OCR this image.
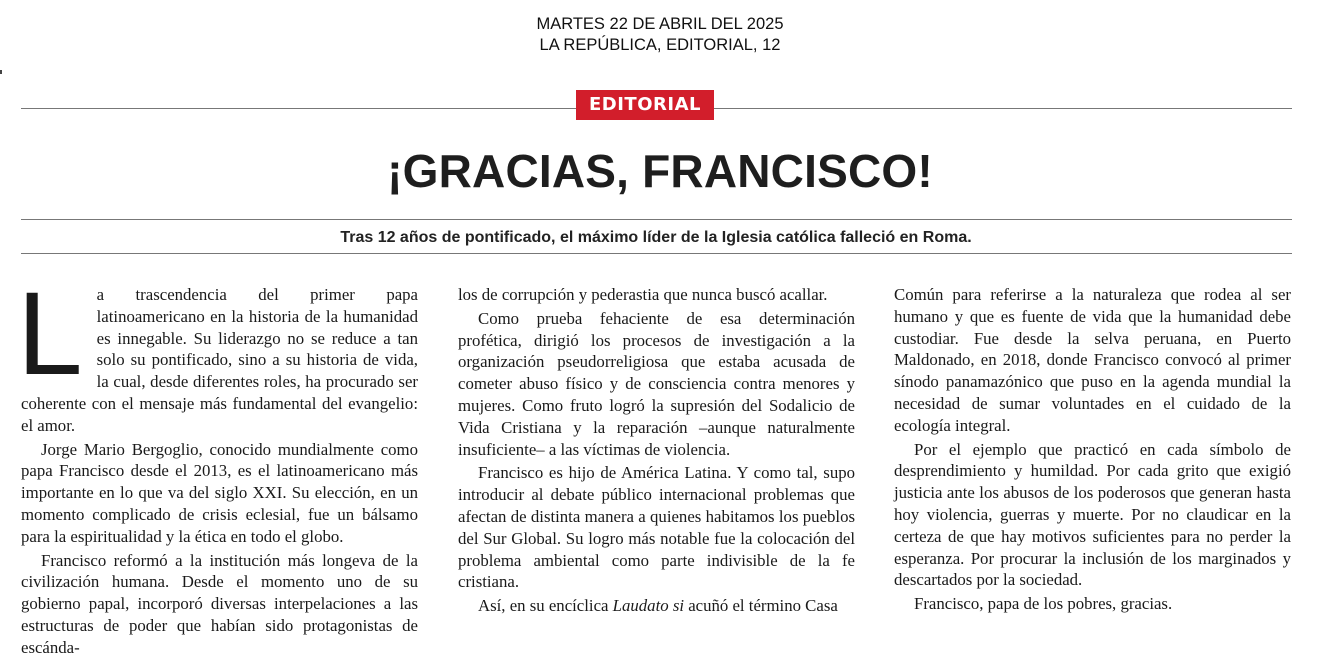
MARTES 22 DE ABRIL DEL 2025
LA REPÚBLICA, EDITORIAL, 12
EDITORIAL
¡GRACIAS, FRANCISCO!
Tras 12 años de pontificado, el máximo líder de la Iglesia católica falleció en Roma.

La trascendencia del primer papa latinoamericano en la historia de la humanidad es innegable. Su liderazgo no se reduce a tan solo su pontificado, sino a su historia de vida, la cual, desde diferentes roles, ha procurado ser coherente con el mensaje más fundamental del evangelio: el amor.

Jorge Mario Bergoglio, conocido mundialmente como papa Francisco desde el 2013, es el latinoamericano más importante en lo que va del siglo XXI. Su elección, en un momento complicado de crisis eclesial, fue un bálsamo para la espiritualidad y la ética en todo el globo.

Francisco reformó a la institución más longeva de la civilización humana. Desde el momento uno de su gobierno papal, incorporó diversas interpelaciones a las estructuras de poder que habían sido protagonistas de escánda-

los de corrupción y pederastia que nunca buscó acallar.

Como prueba fehaciente de esa determinación profética, dirigió los procesos de investigación a la organización pseudorreligiosa que estaba acusada de cometer abuso físico y de consciencia contra menores y mujeres. Como fruto logró la supresión del Sodalicio de Vida Cristiana y la reparación –aunque naturalmente insuficiente– a las víctimas de violencia.

Francisco es hijo de América Latina. Y como tal, supo introducir al debate público internacional problemas que afectan de distinta manera a quienes habitamos los pueblos del Sur Global. Su logro más notable fue la colocación del problema ambiental como parte indivisible de la fe cristiana.

Así, en su encíclica Laudato si acuñó el término Casa

Común para referirse a la naturaleza que rodea al ser humano y que es fuente de vida que la humanidad debe custodiar. Fue desde la selva peruana, en Puerto Maldonado, en 2018, donde Francisco convocó al primer sínodo panamazónico que puso en la agenda mundial la necesidad de sumar voluntades en el cuidado de la ecología integral.

Por el ejemplo que practicó en cada símbolo de desprendimiento y humildad. Por cada grito que exigió justicia ante los abusos de los poderosos que generan hasta hoy violencia, guerras y muerte. Por no claudicar en la certeza de que hay motivos suficientes para no perder la esperanza. Por procurar la inclusión de los marginados y descartados por la sociedad.

Francisco, papa de los pobres, gracias.
